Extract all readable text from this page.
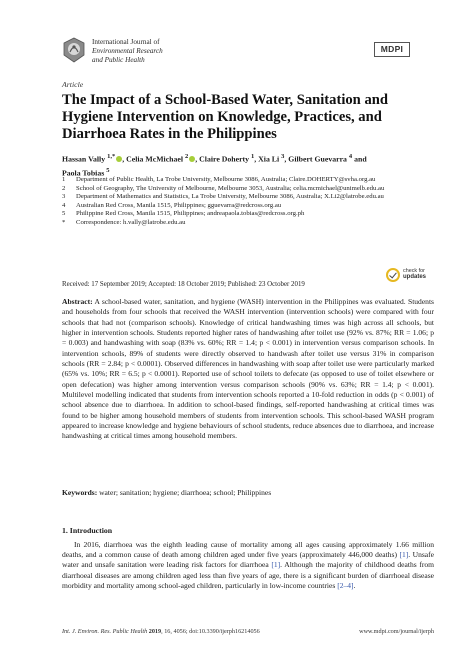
International Journal of
Environmental Research
and Public Health
MDPI
Article
The Impact of a School-Based Water, Sanitation and Hygiene Intervention on Knowledge, Practices, and Diarrhoea Rates in the Philippines
Hassan Vally $^{1,*}$ , Celia McMichael $^2$ , Claire Doherty $^1$, Xia Li $^3$, Gilbert Guevarra $^4$ and
Paola Tobias $^5$
1	Department of Public Health, La Trobe University, Melbourne 3086, Australia; Claire.DOHERTY@svha.org.au
2	School of Geography, The University of Melbourne, Melbourne 3053, Australia; celia.mcmichael@unimelb.edu.au
3	Department of Mathematics and Statistics, La Trobe University, Melbourne 3086, Australia; X.Li2@latrobe.edu.au
4	Australian Red Cross, Manila 1515, Philippines; gguevarra@redcross.org.au
5	Philippine Red Cross, Manila 1515, Philippines; andreapaola.tobias@redcross.org.ph
*	Correspondence: h.vally@latrobe.edu.au
Received: 17 September 2019; Accepted: 18 October 2019; Published: 23 October 2019
check for
updates
Abstract: A school-based water, sanitation, and hygiene (WASH) intervention in the Philippines was evaluated. Students and households from four schools that received the WASH intervention (intervention schools) were compared with four schools that had not (comparison schools). Knowledge of critical handwashing times was high across all schools, but higher in intervention schools. Students reported higher rates of handwashing after toilet use (92% vs. 87%; RR = 1.06; p = 0.003) and handwashing with soap (83% vs. 60%; RR = 1.4; p < 0.001) in intervention versus comparison schools. In intervention schools, 89% of students were directly observed to handwash after toilet use versus 31% in comparison schools (RR = 2.84; p < 0.0001). Observed differences in handwashing with soap after toilet use were particularly marked (65% vs. 10%; RR = 6.5; p < 0.0001). Reported use of school toilets to defecate (as opposed to use of toilet elsewhere or open defecation) was higher among intervention versus comparison schools (90% vs. 63%; RR = 1.4; p < 0.001). Multilevel modelling indicated that students from intervention schools reported a 10-fold reduction in odds (p < 0.001) of school absence due to diarrhoea. In addition to school-based findings, self-reported handwashing at critical times was found to be higher among household members of students from intervention schools. This school-based WASH program appeared to increase knowledge and hygiene behaviours of school students, reduce absences due to diarrhoea, and increase handwashing at critical times among household members.
Keywords: water; sanitation; hygiene; diarrhoea; school; Philippines
1. Introduction
In 2016, diarrhoea was the eighth leading cause of mortality among all ages causing approximately 1.66 million deaths, and a common cause of death among children aged under five years (approximately 446,000 deaths) [1]. Unsafe water and unsafe sanitation were leading risk factors for diarrhoea [1]. Although the majority of childhood deaths from diarrhoeal diseases are among children aged less than five years of age, there is a significant burden of diarrhoeal disease morbidity and mortality among school-aged children, particularly in low-income countries [2–4].
Int. J. Environ. Res. Public Health 2019, 16, 4056; doi:10.3390/ijerph16214056	www.mdpi.com/journal/ijerph
